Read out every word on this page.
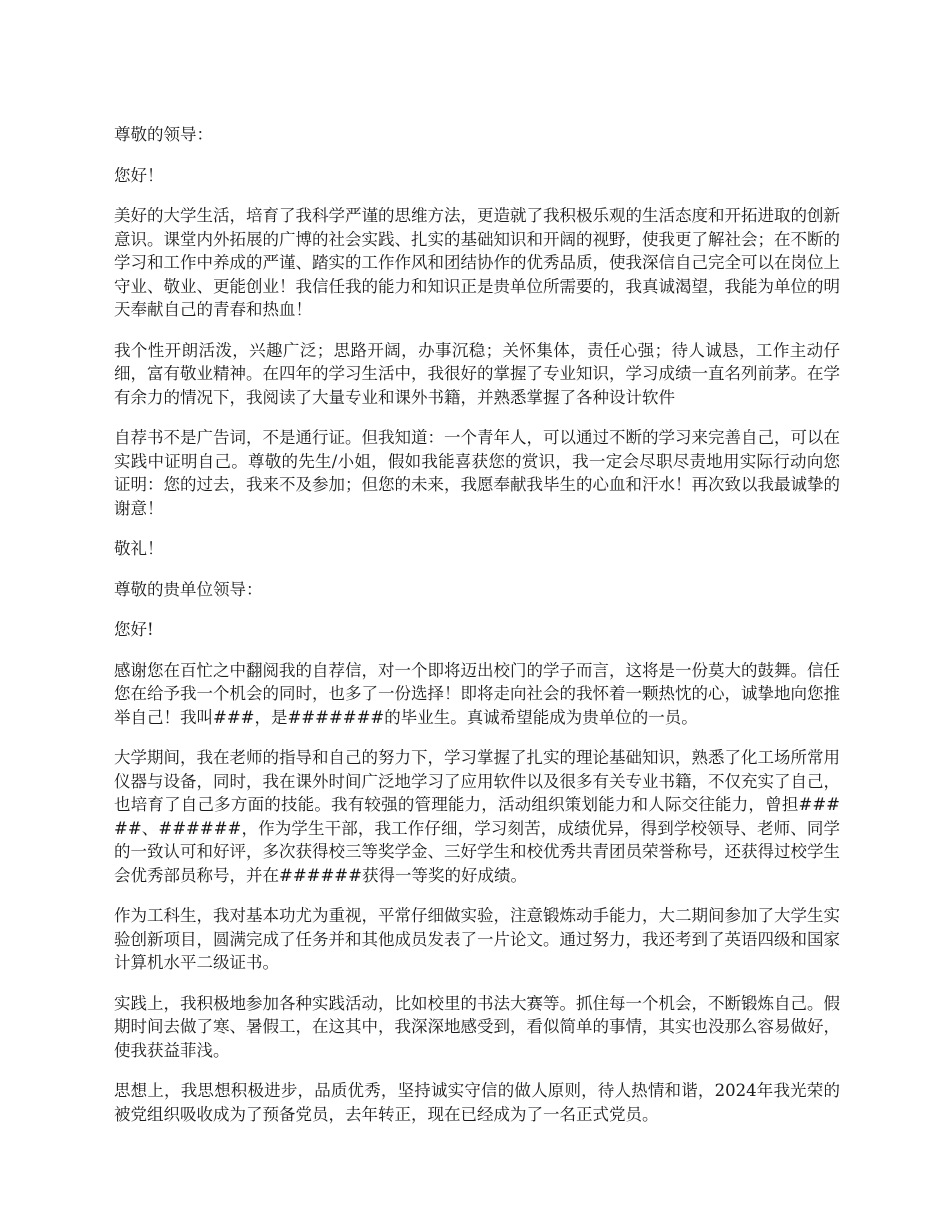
尊敬的领导：

您好！

美好的大学生活，培育了我科学严谨的思维方法，更造就了我积极乐观的生活态度和开拓进取的创新意识。课堂内外拓展的广博的社会实践、扎实的基础知识和开阔的视野，使我更了解社会；在不断的学习和工作中养成的严谨、踏实的工作作风和团结协作的优秀品质，使我深信自己完全可以在岗位上守业、敬业、更能创业！我信任我的能力和知识正是贵单位所需要的，我真诚渴望，我能为单位的明天奉献自己的青春和热血！

我个性开朗活泼，兴趣广泛；思路开阔，办事沉稳；关怀集体，责任心强；待人诚恳，工作主动仔细，富有敬业精神。在四年的学习生活中，我很好的掌握了专业知识，学习成绩一直名列前茅。在学有余力的情况下，我阅读了大量专业和课外书籍，并熟悉掌握了各种设计软件

自荐书不是广告词，不是通行证。但我知道：一个青年人，可以通过不断的学习来完善自己，可以在实践中证明自己。尊敬的先生/小姐，假如我能喜获您的赏识，我一定会尽职尽责地用实际行动向您证明：您的过去，我来不及参加；但您的未来，我愿奉献我毕生的心血和汗水！再次致以我最诚挚的谢意！

敬礼！

尊敬的贵单位领导：

您好!

感谢您在百忙之中翻阅我的自荐信，对一个即将迈出校门的学子而言，这将是一份莫大的鼓舞。信任您在给予我一个机会的同时，也多了一份选择！即将走向社会的我怀着一颗热忱的心，诚挚地向您推举自己！我叫###，是#######的毕业生。真诚希望能成为贵单位的一员。

大学期间，我在老师的指导和自己的努力下，学习掌握了扎实的理论基础知识，熟悉了化工场所常用仪器与设备，同时，我在课外时间广泛地学习了应用软件以及很多有关专业书籍，不仅充实了自己，也培育了自己多方面的技能。我有较强的管理能力，活动组织策划能力和人际交往能力，曾担#####、######，作为学生干部，我工作仔细，学习刻苦，成绩优异，得到学校领导、老师、同学的一致认可和好评，多次获得校三等奖学金、三好学生和校优秀共青团员荣誉称号，还获得过校学生会优秀部员称号，并在######获得一等奖的好成绩。

作为工科生，我对基本功尤为重视，平常仔细做实验，注意锻炼动手能力，大二期间参加了大学生实验创新项目，圆满完成了任务并和其他成员发表了一片论文。通过努力，我还考到了英语四级和国家计算机水平二级证书。

实践上，我积极地参加各种实践活动，比如校里的书法大赛等。抓住每一个机会，不断锻炼自己。假期时间去做了寒、暑假工，在这其中，我深深地感受到，看似简单的事情，其实也没那么容易做好，使我获益菲浅。

思想上，我思想积极进步，品质优秀，坚持诚实守信的做人原则，待人热情和谐，2024年我光荣的被党组织吸收成为了预备党员，去年转正，现在已经成为了一名正式党员。
